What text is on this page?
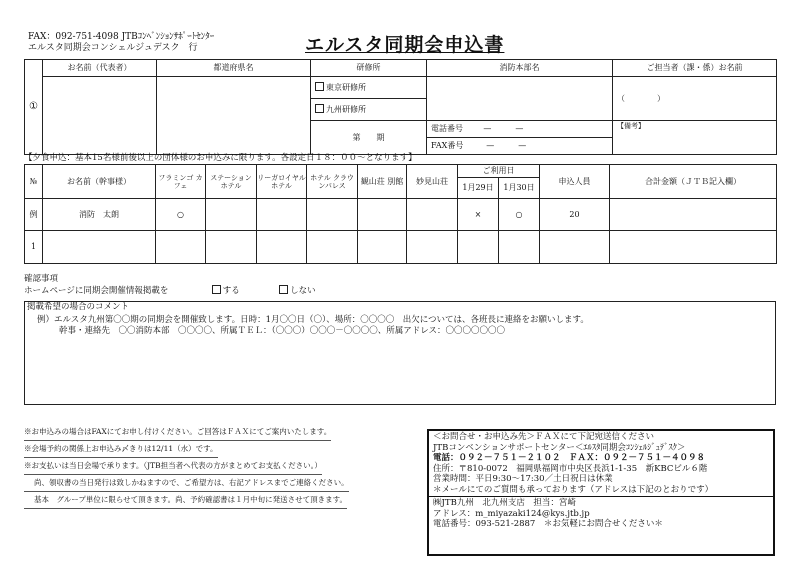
FAX：092-751-4098 JTBｺﾝﾍﾞﾝｼｮﾝｻﾎﾟｰﾄｾﾝﾀｰ
エルスタ同期会コンシェルジュデスク　行	エルスタ同期会申込書
①	お名前（代表者）	都道府県名	研修所	消防本部名	ご担当者（課・係）お名前
			東京研修所		（　　　　）
			九州研修所		
			第　　期	電話番号 —　　　—	【備考】
				FAX番号 —　　　—	
【夕食申込：基本15名様前後以上の団体様のお申込みに限ります。各設定日１８：００～となります】
№	お名前（幹事様）	フラミンゴ カフェ	ステーション ホテル	リーガロイヤル ホテル	ホテル クラウンパレス	観山荘 別館	妙見山荘	ご利用日		申込人員	合計金額（ＪＴＢ記入欄）
								1月29日	1月30日		
例	消防　太朗	○						×	○	20	
1											
確認事項
ホームページに同期会開催情報掲載を	する	しない
掲載希望の場合のコメント
例）エルスタ九州第〇〇期の同期会を開催致します。日時：1月〇〇日（〇）、場所：〇〇〇〇　出欠については、各班長に連絡をお願いします。
幹事・連絡先　〇〇消防本部　〇〇〇〇、所属ＴＥＬ：（〇〇〇）〇〇〇－〇〇〇〇、所属アドレス：〇〇〇〇〇〇〇
※お申込みの場合はFAXにてお申し付けください。ご回答はＦＡＸにてご案内いたします。
※会場予約の関係上お申込み〆きりは12/11（水）です。
※お支払いは当日会場で承ります。（JTB担当者へ代表の方がまとめてお支払ください。）
尚、領収書の当日発行は致しかねますので、ご希望方は、右記アドレスまでご連絡ください。
基本　グループ単位に限らせて頂きます。尚、予約確認書は１月中旬に発送させて頂きます。
＜お問合せ・お申込み先＞ＦＡＸにて下記宛送信ください
JTBコンベンションサポートセンター＜ｴﾙｽﾀ同期会ｺﾝｼｪﾙｼﾞｭﾃﾞｽｸ＞
電話：０９２－７５１－２１０２　ＦＡＸ：０９２－７５１－４０９８
住所：〒810-0072　福岡県福岡市中央区長浜1-1-35　新KBCビル６階
営業時間：平日9:30～17:30／土日祝日は休業
＊メールにてのご質問も承っております（アドレスは下記のとおりです）
㈱JTB九州　北九州支店　担当：宮崎
アドレス：m_miyazaki124@kys.jtb.jp
電話番号：093-521-2887　＊お気軽にお問合せください＊
